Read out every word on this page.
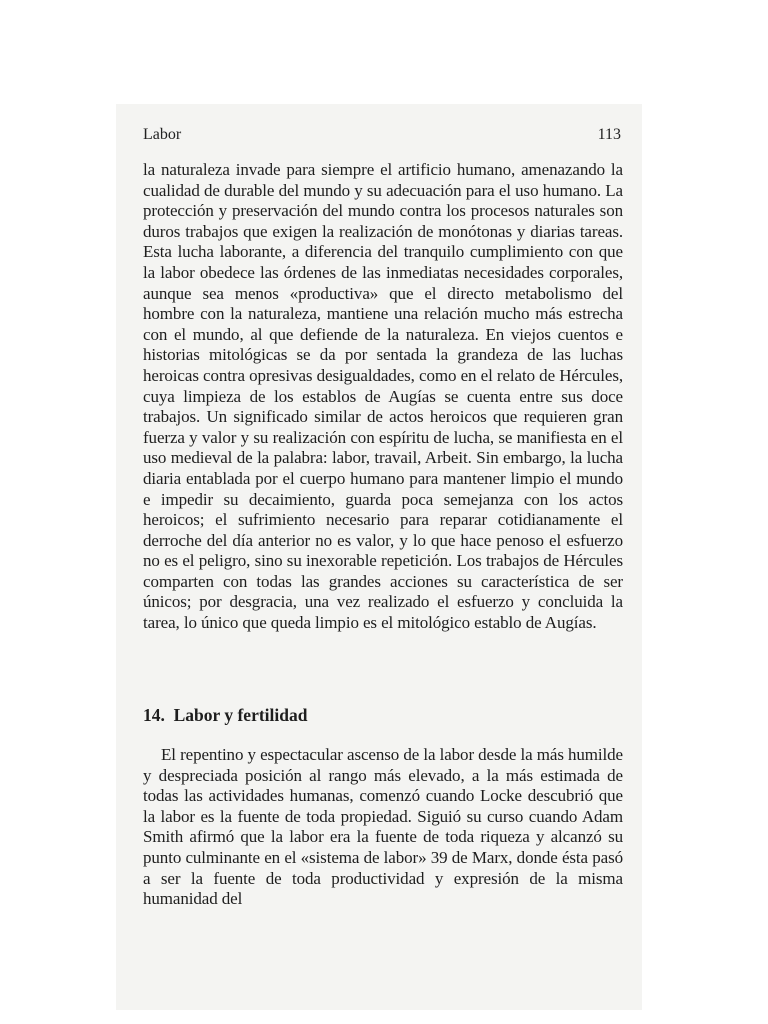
Labor	113
la naturaleza invade para siempre el artificio humano, amenazando la cualidad de durable del mundo y su adecuación para el uso humano. La protección y preservación del mundo contra los procesos naturales son duros trabajos que exigen la realización de monótonas y diarias tareas. Esta lucha laborante, a diferencia del tranquilo cumplimiento con que la labor obedece las órdenes de las inmediatas necesidades corporales, aunque sea menos «productiva» que el directo metabolismo del hombre con la naturaleza, mantiene una relación mucho más estrecha con el mundo, al que defiende de la naturaleza. En viejos cuentos e historias mitológicas se da por sentada la grandeza de las luchas heroicas contra opresivas desigualdades, como en el relato de Hércules, cuya limpieza de los establos de Augías se cuenta entre sus doce trabajos. Un significado similar de actos heroicos que requieren gran fuerza y valor y su realización con espíritu de lucha, se manifiesta en el uso medieval de la palabra: labor, travail, Arbeit. Sin embargo, la lucha diaria entablada por el cuerpo humano para mantener limpio el mundo e impedir su decaimiento, guarda poca semejanza con los actos heroicos; el sufrimiento necesario para reparar cotidianamente el derroche del día anterior no es valor, y lo que hace penoso el esfuerzo no es el peligro, sino su inexorable repetición. Los trabajos de Hércules comparten con todas las grandes acciones su característica de ser únicos; por desgracia, una vez realizado el esfuerzo y concluida la tarea, lo único que queda limpio es el mitológico establo de Augías.
14. Labor y fertilidad
El repentino y espectacular ascenso de la labor desde la más humilde y despreciada posición al rango más elevado, a la más estimada de todas las actividades humanas, comenzó cuando Locke descubrió que la labor es la fuente de toda propiedad. Siguió su curso cuando Adam Smith afirmó que la labor era la fuente de toda riqueza y alcanzó su punto culminante en el «sistema de labor» 39 de Marx, donde ésta pasó a ser la fuente de toda productividad y expresión de la misma humanidad del
